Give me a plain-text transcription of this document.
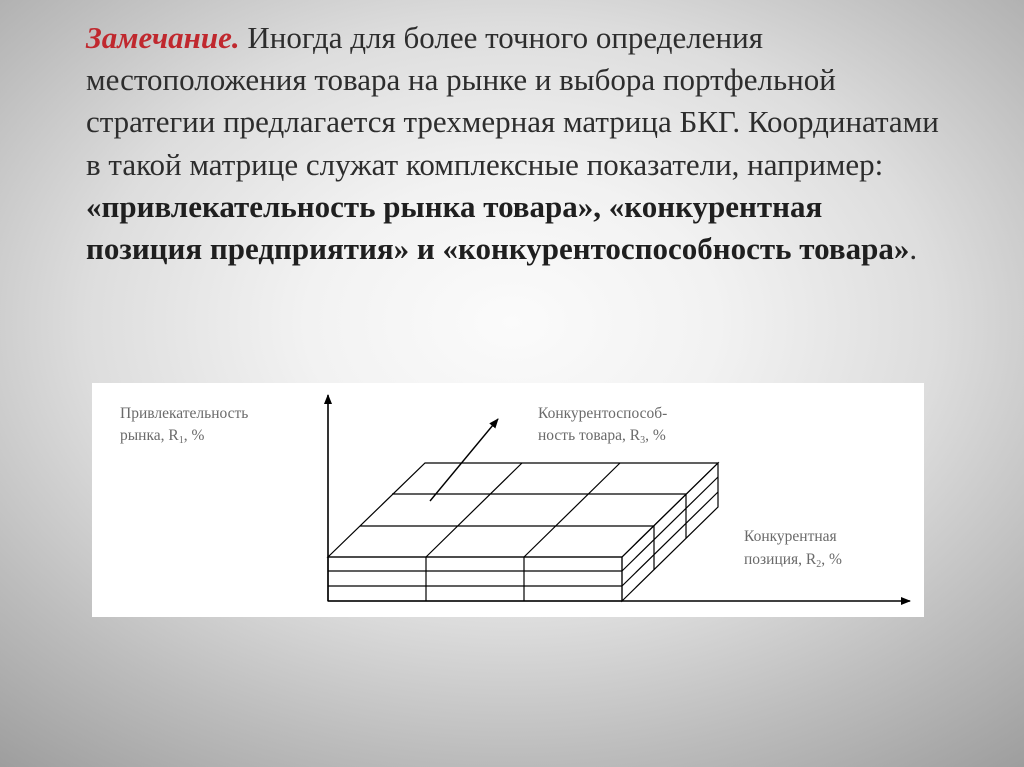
Замечание. Иногда для более точного определения местоположения товара на рынке и выбора портфельной стратегии предлагается трехмерная матрица БКГ. Координатами в такой матрице служат комплексные показатели, например: «привлекательность рынка товара», «конкурентная позиция предприятия» и «конкурентоспособность товара».

Привлекательность
рынка, R1, %
Конкурентоспособ-
ность товара, R3, %
Конкурентная
позиция, R2, %
